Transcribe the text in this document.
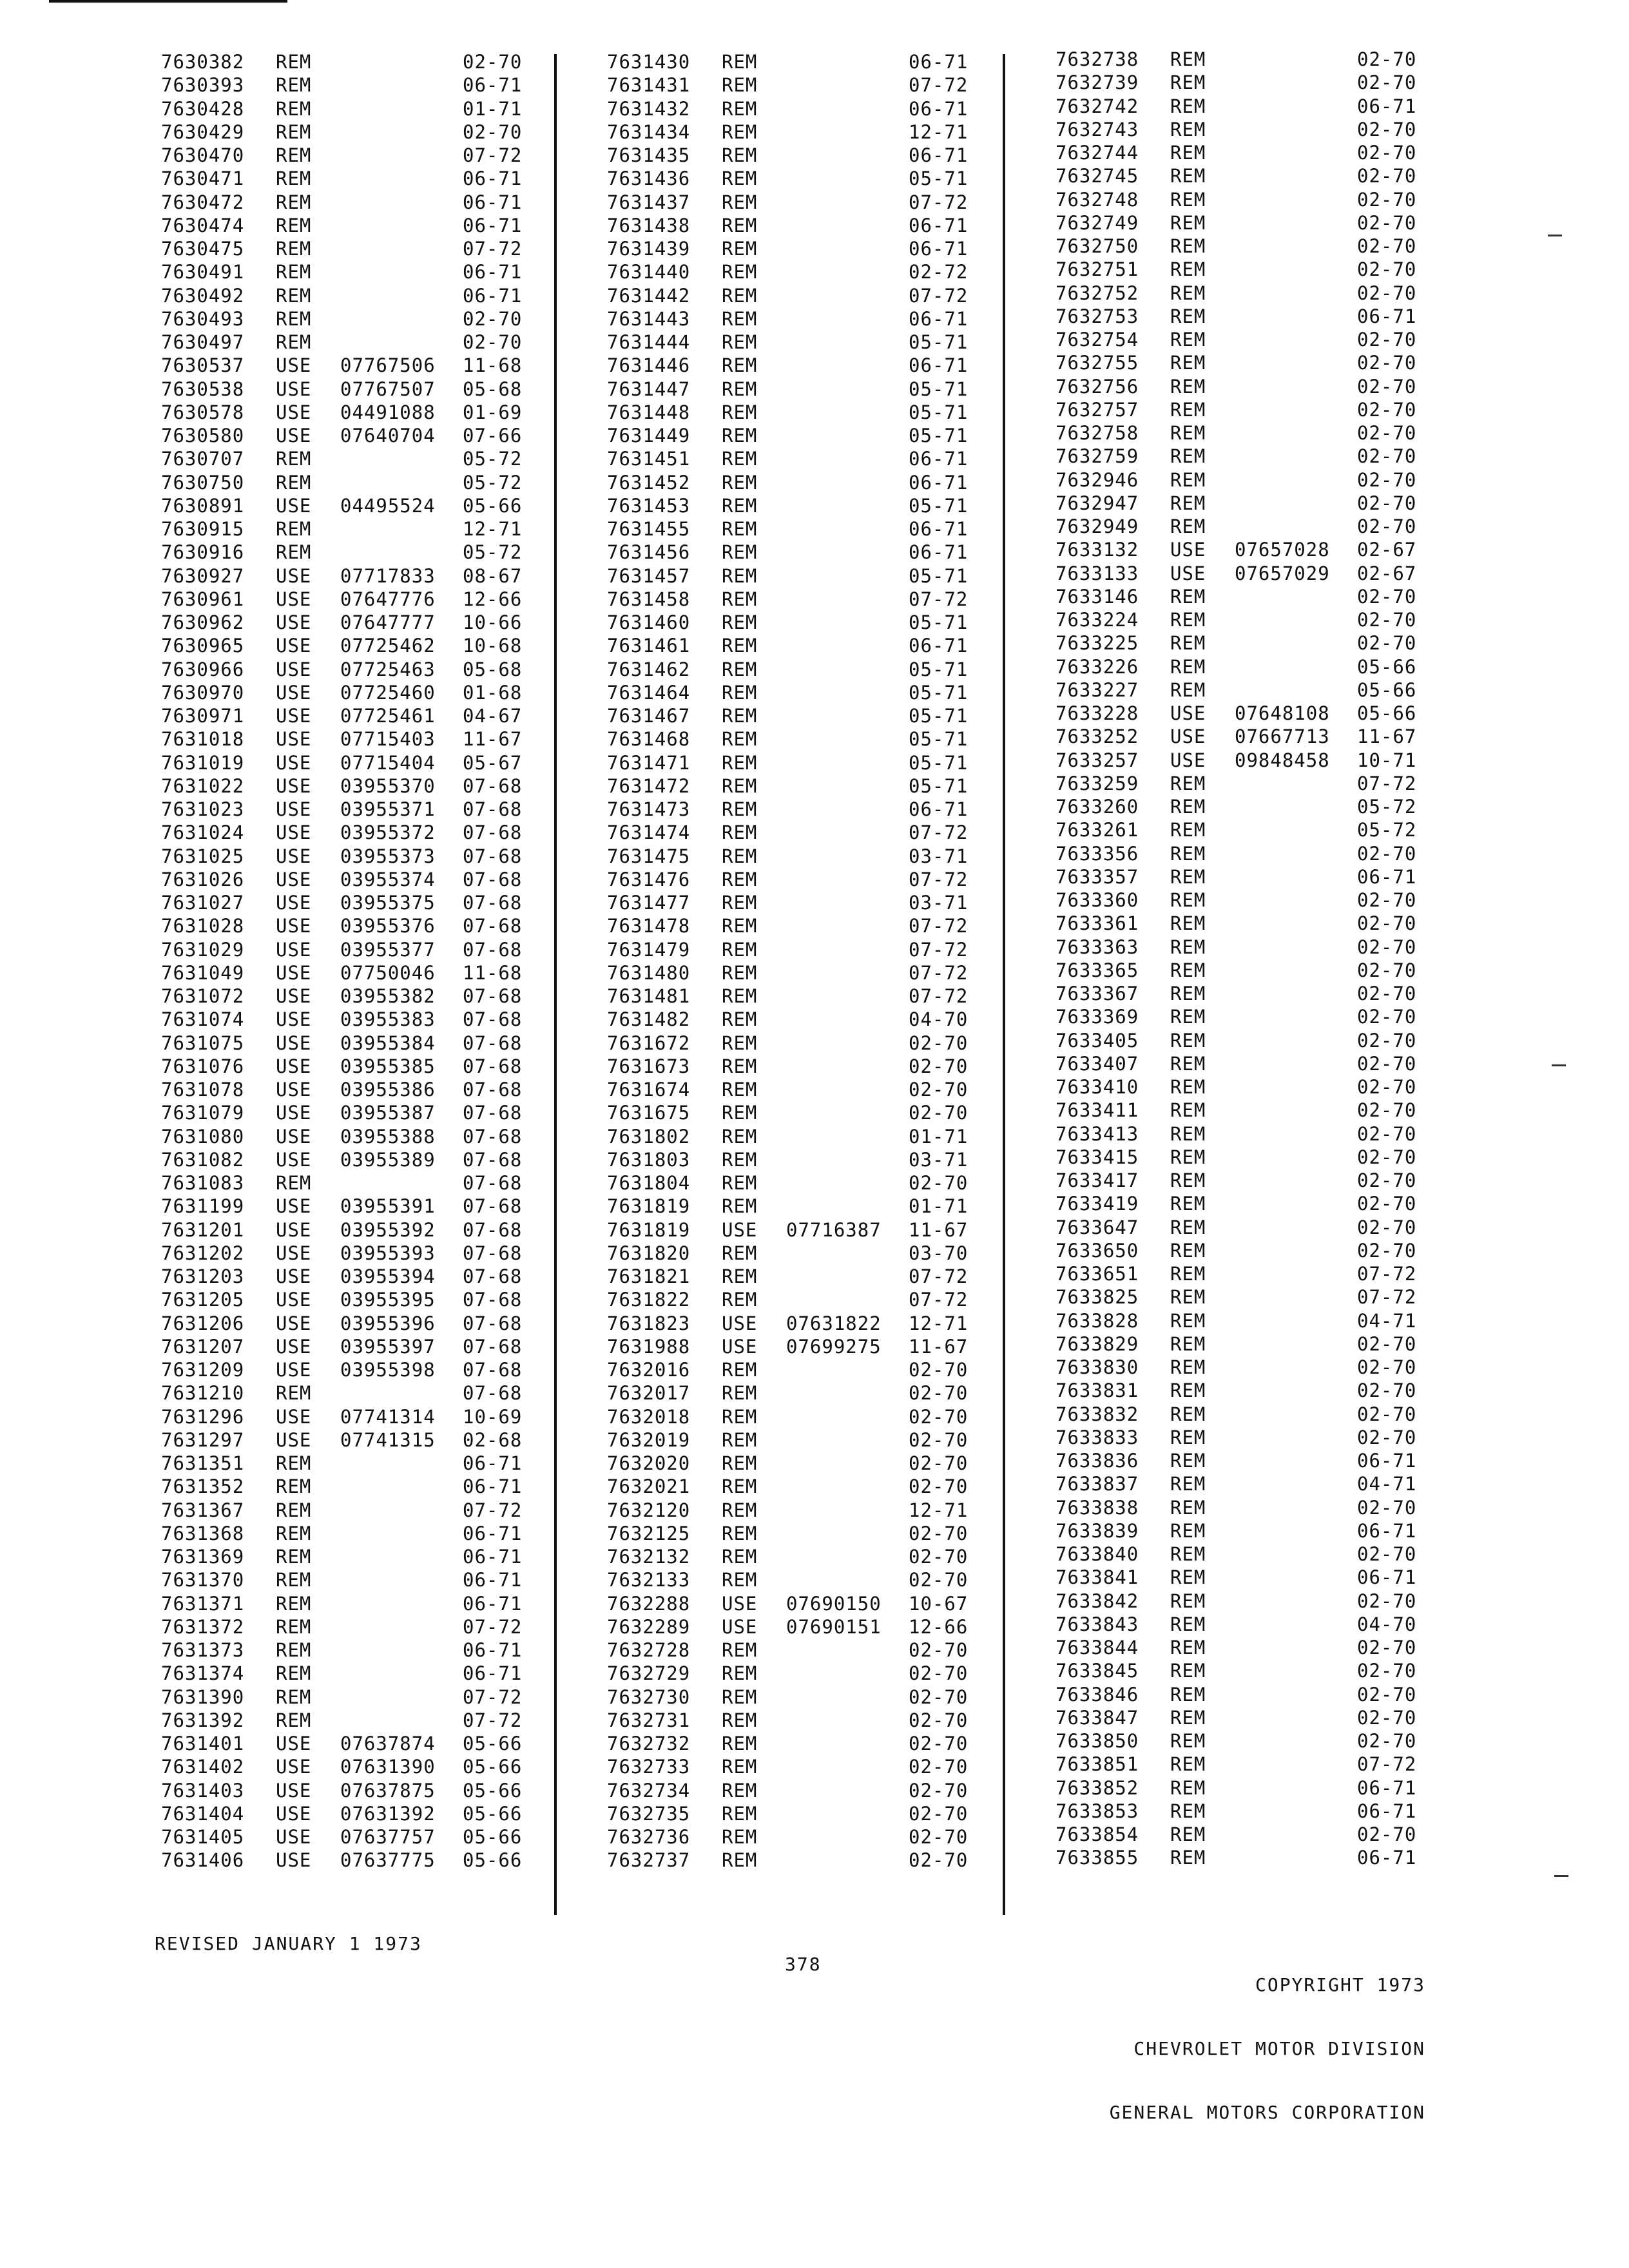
7630382 REM	02-70
7630393 REM	06-71
7630428 REM	01-71
7630429 REM	02-70
7630470 REM	07-72
7630471 REM	06-71
7630472 REM	06-71
7630474 REM	06-71
7630475 REM	07-72
7630491 REM	06-71
7630492 REM	06-71
7630493 REM	02-70
7630497 REM	02-70
7630537 USE 07767506 11-68
7630538 USE 07767507 05-68
7630578 USE 04491088 01-69
7630580 USE 07640704 07-66
7630707 REM	05-72
7630750 REM	05-72
7630891 USE 04495524 05-66
7630915 REM	12-71
7630916 REM	05-72
7630927 USE 07717833 08-67
7630961 USE 07647776 12-66
7630962 USE 07647777 10-66
7630965 USE 07725462 10-68
7630966 USE 07725463 05-68
7630970 USE 07725460 01-68
7630971 USE 07725461 04-67
7631018 USE 07715403 11-67
7631019 USE 07715404 05-67
7631022 USE 03955370 07-68
7631023 USE 03955371 07-68
7631024 USE 03955372 07-68
7631025 USE 03955373 07-68
7631026 USE 03955374 07-68
7631027 USE 03955375 07-68
7631028 USE 03955376 07-68
7631029 USE 03955377 07-68
7631049 USE 07750046 11-68
7631072 USE 03955382 07-68
7631074 USE 03955383 07-68
7631075 USE 03955384 07-68
7631076 USE 03955385 07-68
7631078 USE 03955386 07-68
7631079 USE 03955387 07-68
7631080 USE 03955388 07-68
7631082 USE 03955389 07-68
7631083 REM	07-68
7631199 USE 03955391 07-68
7631201 USE 03955392 07-68
7631202 USE 03955393 07-68
7631203 USE 03955394 07-68
7631205 USE 03955395 07-68
7631206 USE 03955396 07-68
7631207 USE 03955397 07-68
7631209 USE 03955398 07-68
7631210 REM	07-68
7631296 USE 07741314 10-69
7631297 USE 07741315 02-68
7631351 REM	06-71
7631352 REM	06-71
7631367 REM	07-72
7631368 REM	06-71
7631369 REM	06-71
7631370 REM	06-71
7631371 REM	06-71
7631372 REM	07-72
7631373 REM	06-71
7631374 REM	06-71
7631390 REM	07-72
7631392 REM	07-72
7631401 USE 07637874 05-66
7631402 USE 07631390 05-66
7631403 USE 07637875 05-66
7631404 USE 07631392 05-66
7631405 USE 07637757 05-66
7631406 USE 07637775 05-66
7631430 REM	06-71
7631431 REM	07-72
7631432 REM	06-71
7631434 REM	12-71
7631435 REM	06-71
7631436 REM	05-71
7631437 REM	07-72
7631438 REM	06-71
7631439 REM	06-71
7631440 REM	02-72
7631442 REM	07-72
7631443 REM	06-71
7631444 REM	05-71
7631446 REM	06-71
7631447 REM	05-71
7631448 REM	05-71
7631449 REM	05-71
7631451 REM	06-71
7631452 REM	06-71
7631453 REM	05-71
7631455 REM	06-71
7631456 REM	06-71
7631457 REM	05-71
7631458 REM	07-72
7631460 REM	05-71
7631461 REM	06-71
7631462 REM	05-71
7631464 REM	05-71
7631467 REM	05-71
7631468 REM	05-71
7631471 REM	05-71
7631472 REM	05-71
7631473 REM	06-71
7631474 REM	07-72
7631475 REM	03-71
7631476 REM	07-72
7631477 REM	03-71
7631478 REM	07-72
7631479 REM	07-72
7631480 REM	07-72
7631481 REM	07-72
7631482 REM	04-70
7631672 REM	02-70
7631673 REM	02-70
7631674 REM	02-70
7631675 REM	02-70
7631802 REM	01-71
7631803 REM	03-71
7631804 REM	02-70
7631819 REM	01-71
7631819 USE 07716387 11-67
7631820 REM	03-70
7631821 REM	07-72
7631822 REM	07-72
7631823 USE 07631822 12-71
7631988 USE 07699275 11-67
7632016 REM	02-70
7632017 REM	02-70
7632018 REM	02-70
7632019 REM	02-70
7632020 REM	02-70
7632021 REM	02-70
7632120 REM	12-71
7632125 REM	02-70
7632132 REM	02-70
7632133 REM	02-70
7632288 USE 07690150 10-67
7632289 USE 07690151 12-66
7632728 REM	02-70
7632729 REM	02-70
7632730 REM	02-70
7632731 REM	02-70
7632732 REM	02-70
7632733 REM	02-70
7632734 REM	02-70
7632735 REM	02-70
7632736 REM	02-70
7632737 REM	02-70
7632738 REM	02-70
7632739 REM	02-70
7632742 REM	06-71
7632743 REM	02-70
7632744 REM	02-70
7632745 REM	02-70
7632748 REM	02-70
7632749 REM	02-70
7632750 REM	02-70
7632751 REM	02-70
7632752 REM	02-70
7632753 REM	06-71
7632754 REM	02-70
7632755 REM	02-70
7632756 REM	02-70
7632757 REM	02-70
7632758 REM	02-70
7632759 REM	02-70
7632946 REM	02-70
7632947 REM	02-70
7632949 REM	02-70
7633132 USE 07657028 02-67
7633133 USE 07657029 02-67
7633146 REM	02-70
7633224 REM	02-70
7633225 REM	02-70
7633226 REM	05-66
7633227 REM	05-66
7633228 USE 07648108 05-66
7633252 USE 07667713 11-67
7633257 USE 09848458 10-71
7633259 REM	07-72
7633260 REM	05-72
7633261 REM	05-72
7633356 REM	02-70
7633357 REM	06-71
7633360 REM	02-70
7633361 REM	02-70
7633363 REM	02-70
7633365 REM	02-70
7633367 REM	02-70
7633369 REM	02-70
7633405 REM	02-70
7633407 REM	02-70
7633410 REM	02-70
7633411 REM	02-70
7633413 REM	02-70
7633415 REM	02-70
7633417 REM	02-70
7633419 REM	02-70
7633647 REM	02-70
7633650 REM	02-70
7633651 REM	07-72
7633825 REM	07-72
7633828 REM	04-71
7633829 REM	02-70
7633830 REM	02-70
7633831 REM	02-70
7633832 REM	02-70
7633833 REM	02-70
7633836 REM	06-71
7633837 REM	04-71
7633838 REM	02-70
7633839 REM	06-71
7633840 REM	02-70
7633841 REM	06-71
7633842 REM	02-70
7633843 REM	04-70
7633844 REM	02-70
7633845 REM	02-70
7633846 REM	02-70
7633847 REM	02-70
7633850 REM	02-70
7633851 REM	07-72
7633852 REM	06-71
7633853 REM	06-71
7633854 REM	02-70
7633855 REM	06-71
REVISED JANUARY 1 1973
378

COPYRIGHT 1973

CHEVROLET MOTOR DIVISION

GENERAL MOTORS CORPORATION
